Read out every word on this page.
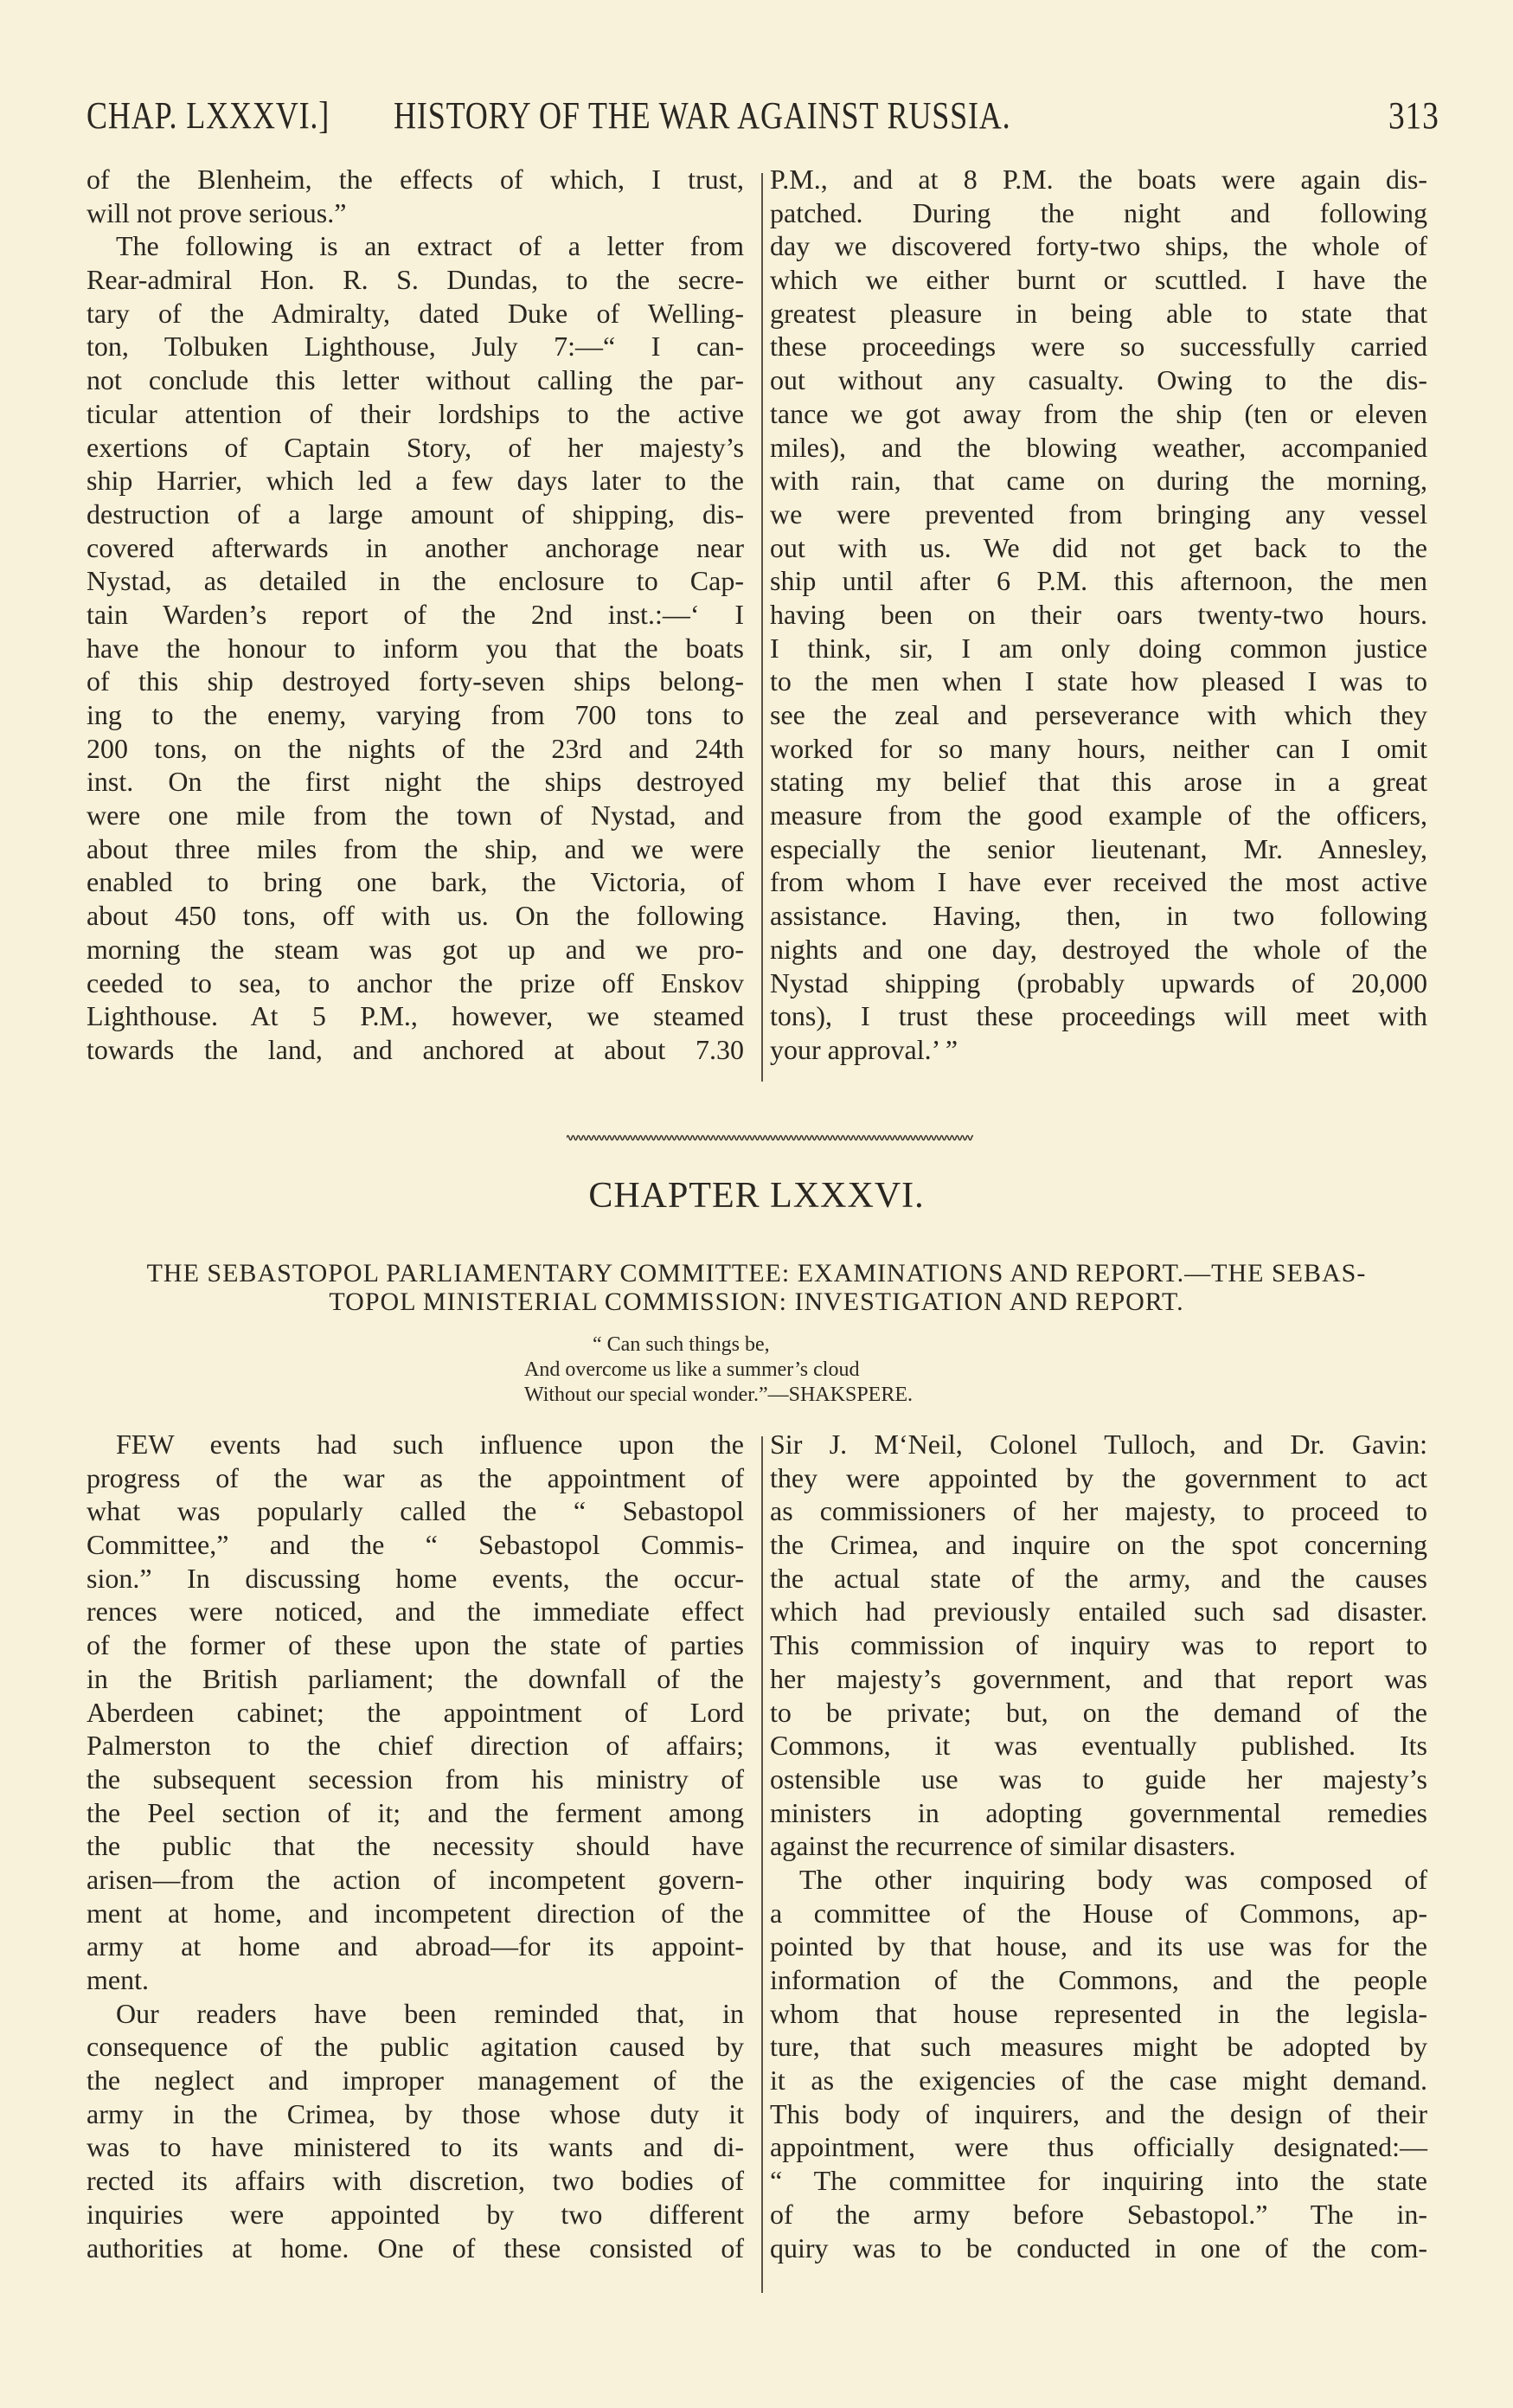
CHAP. LXXXVI.] HISTORY OF THE WAR AGAINST RUSSIA.	313
of the Blenheim, the effects of which, I trust,
will not prove serious.”
The following is an extract of a letter from
Rear-admiral Hon. R. S. Dundas, to the secre-
tary of the Admiralty, dated Duke of Welling-
ton, Tolbuken Lighthouse, July 7:—“ I can-
not conclude this letter without calling the par-
ticular attention of their lordships to the active
exertions of Captain Story, of her majesty’s
ship Harrier, which led a few days later to the
destruction of a large amount of shipping, dis-
covered afterwards in another anchorage near
Nystad, as detailed in the enclosure to Cap-
tain Warden’s report of the 2nd inst.:—‘ I
have the honour to inform you that the boats
of this ship destroyed forty-seven ships belong-
ing to the enemy, varying from 700 tons to
200 tons, on the nights of the 23rd and 24th
inst. On the first night the ships destroyed
were one mile from the town of Nystad, and
about three miles from the ship, and we were
enabled to bring one bark, the Victoria, of
about 450 tons, off with us. On the following
morning the steam was got up and we pro-
ceeded to sea, to anchor the prize off Enskov
Lighthouse. At 5 P.M., however, we steamed
towards the land, and anchored at about 7.30
P.M., and at 8 P.M. the boats were again dis-
patched. During the night and following
day we discovered forty-two ships, the whole of
which we either burnt or scuttled. I have the
greatest pleasure in being able to state that
these proceedings were so successfully carried
out without any casualty. Owing to the dis-
tance we got away from the ship (ten or eleven
miles), and the blowing weather, accompanied
with rain, that came on during the morning,
we were prevented from bringing any vessel
out with us. We did not get back to the
ship until after 6 P.M. this afternoon, the men
having been on their oars twenty-two hours.
I think, sir, I am only doing common justice
to the men when I state how pleased I was to
see the zeal and perseverance with which they
worked for so many hours, neither can I omit
stating my belief that this arose in a great
measure from the good example of the officers,
especially the senior lieutenant, Mr. Annesley,
from whom I have ever received the most active
assistance. Having, then, in two following
nights and one day, destroyed the whole of the
Nystad shipping (probably upwards of 20,000
tons), I trust these proceedings will meet with
your approval.’ ”
CHAPTER LXXXVI.
THE SEBASTOPOL PARLIAMENTARY COMMITTEE: EXAMINATIONS AND REPORT.—THE SEBAS-
TOPOL MINISTERIAL COMMISSION: INVESTIGATION AND REPORT.
“ Can such things be,
And overcome us like a summer’s cloud
Without our special wonder.”—SHAKSPERE.
FEW events had such influence upon the
progress of the war as the appointment of
what was popularly called the “ Sebastopol
Committee,” and the “ Sebastopol Commis-
sion.” In discussing home events, the occur-
rences were noticed, and the immediate effect
of the former of these upon the state of parties
in the British parliament; the downfall of the
Aberdeen cabinet; the appointment of Lord
Palmerston to the chief direction of affairs;
the subsequent secession from his ministry of
the Peel section of it; and the ferment among
the public that the necessity should have
arisen—from the action of incompetent govern-
ment at home, and incompetent direction of the
army at home and abroad—for its appoint-
ment.
Our readers have been reminded that, in
consequence of the public agitation caused by
the neglect and improper management of the
army in the Crimea, by those whose duty it
was to have ministered to its wants and di-
rected its affairs with discretion, two bodies of
inquiries were appointed by two different
authorities at home. One of these consisted of
Sir J. M‘Neil, Colonel Tulloch, and Dr. Gavin:
they were appointed by the government to act
as commissioners of her majesty, to proceed to
the Crimea, and inquire on the spot concerning
the actual state of the army, and the causes
which had previously entailed such sad disaster.
This commission of inquiry was to report to
her majesty’s government, and that report was
to be private; but, on the demand of the
Commons, it was eventually published. Its
ostensible use was to guide her majesty’s
ministers in adopting governmental remedies
against the recurrence of similar disasters.
The other inquiring body was composed of
a committee of the House of Commons, ap-
pointed by that house, and its use was for the
information of the Commons, and the people
whom that house represented in the legisla-
ture, that such measures might be adopted by
it as the exigencies of the case might demand.
This body of inquirers, and the design of their
appointment, were thus officially designated:—
“ The committee for inquiring into the state
of the army before Sebastopol.” The in-
quiry was to be conducted in one of the com-
